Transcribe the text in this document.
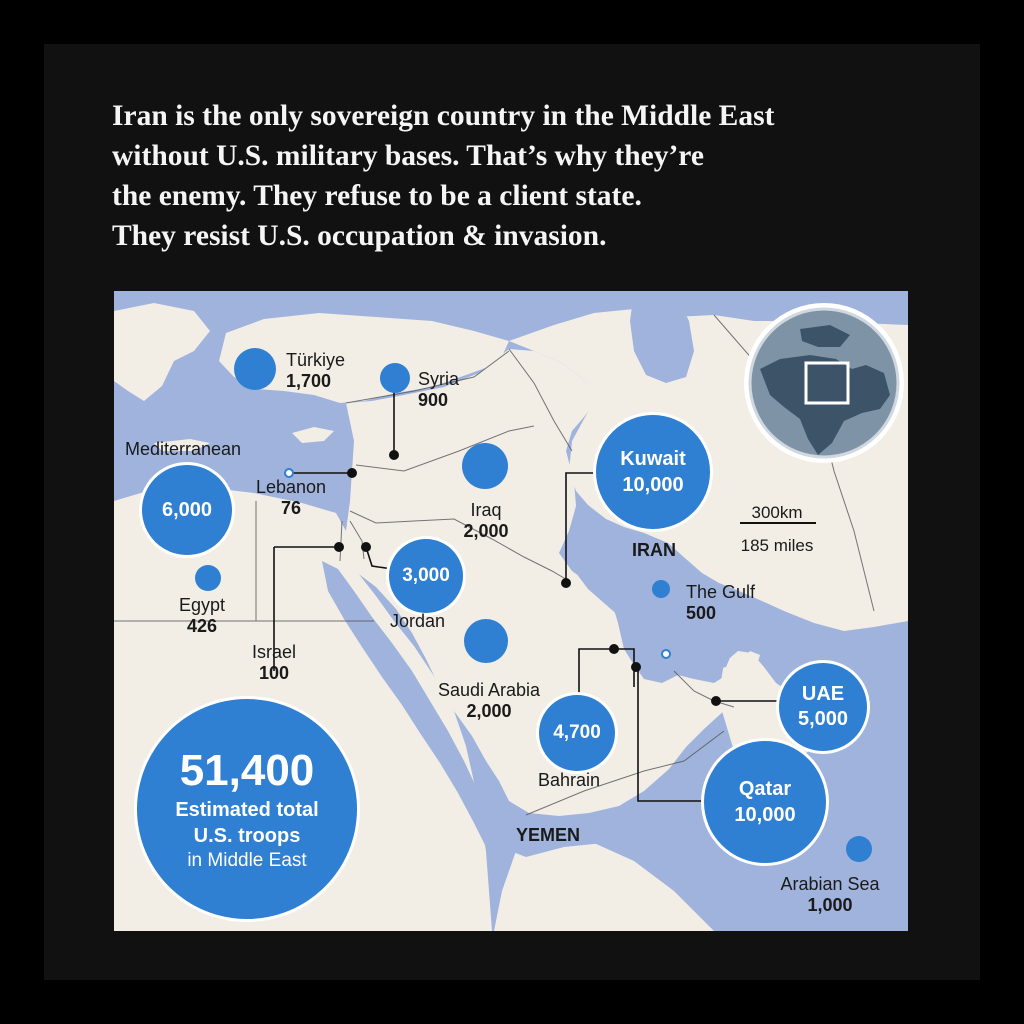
Iran is the only sovereign country in the Middle East
without U.S. military bases. That’s why they’re
the enemy. They refuse to be a client state.
They resist U.S. occupation & invasion.
6,000
3,000
Kuwait
10,000
4,700
UAE
5,000
Qatar
10,000
51,400
Estimated total
U.S. troops
in Middle East
Türkiye
1,700	Syria
900
Mediterranean
Lebanon
76	Iraq
2,000
Jordan
Egypt
426
Israel
100
The Gulf
500
Saudi Arabia
2,000
Bahrain
Arabian Sea
1,000
IRAN
YEMEN
300km
185 miles
